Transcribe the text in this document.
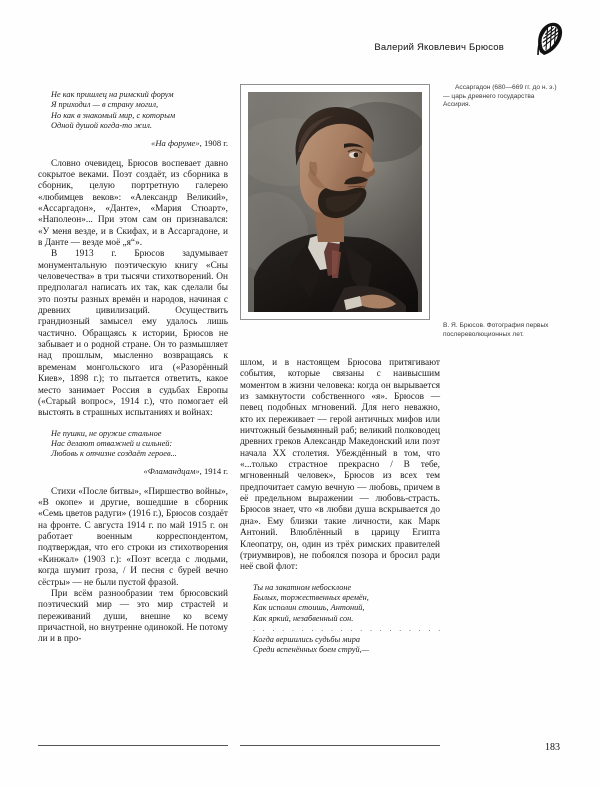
Валерий Яковлевич Брюсов
Не как пришлец на римский форум
Я приходил — в страну могил,
Но как в знакомый мир, с которым
Одной душой когда-то жил.
«На форуме», 1908 г.

Словно очевидец, Брюсов воспевает давно сокрытое веками. Поэт создаёт, из сборника в сборник, целую портретную галерею «любимцев веков»: «Александр Великий», «Ассаргадон», «Данте», «Мария Стюарт», «Наполеон»... При этом сам он признавался: «У меня везде, и в Скифах, и в Ассаргадоне, и в Данте — везде моё „я“».

В 1913 г. Брюсов задумывает монументальную поэтическую книгу «Сны человечества» в три тысячи стихотворений. Он предполагал написать их так, как сделали бы это поэты разных времён и народов, начиная с древних цивилизаций. Осуществить грандиозный замысел ему удалось лишь частично. Обращаясь к истории, Брюсов не забывает и о родной стране. Он то размышляет над прошлым, мысленно возвращаясь к временам монгольского ига («Разорённый Киев», 1898 г.); то пытается ответить, какое место занимает Россия в судьбах Европы («Старый вопрос», 1914 г.), что помогает ей выстоять в страшных испытаниях и войнах:

Не пушки, не оружие стальное
Нас делают отважней и сильней:
Любовь к отчизне создаёт героев...
«Фламандцам», 1914 г.

Стихи «После битвы», «Пиршество войны», «В окопе» и другие, вошедшие в сборник «Семь цветов радуги» (1916 г.), Брюсов создаёт на фронте. С августа 1914 г. по май 1915 г. он работает военным корреспондентом, подтверждая, что его строки из стихотворения «Кинжал» (1903 г.): «Поэт всегда с людьми, когда шумит гроза, / И песня с бурей вечно сёстры» — не были пустой фразой.

При всём разнообразии тем брюсовский поэтический мир — это мир страстей и переживаний души, внешне ко всему причастной, но внутренне одинокой. Не потому ли и в про-

Ассаргадон (680—669 гг. до н. э.) — царь древнего государства Ассирия.
В. Я. Брюсов. Фотография первых послереволюционных лет.

шлом, и в настоящем Брюсова притягивают события, которые связаны с наивысшим моментом в жизни человека: когда он вырывается из замкнутости собственного «я». Брюсов — певец подобных мгновений. Для него неважно, кто их переживает — герой античных мифов или ничтожный безымянный раб; великий полководец древних греков Александр Македонский или поэт начала XX столетия. Убеждённый в том, что «...только страстное прекрасно / В тебе, мгновенный человек», Брюсов из всех тем предпочитает самую вечную — любовь, причем в её предельном выражении — любовь-страсть. Брюсов знает, что «в любви душа вскрывается до дна». Ему близки такие личности, как Марк Антоний. Влюблённый в царицу Египта Клеопатру, он, один из трёх римских правителей (триумвиров), не побоялся позора и бросил ради неё свой флот:

Ты на закатном небосклоне
Былых, торжественных времён,
Как исполин стоишь, Антоний,
Как яркий, незабвенный сон.
. . . . . . . . . . . . . . . . . . . .
Когда вершились судьбы мира
Среди вспенённых боем струй,—
183
